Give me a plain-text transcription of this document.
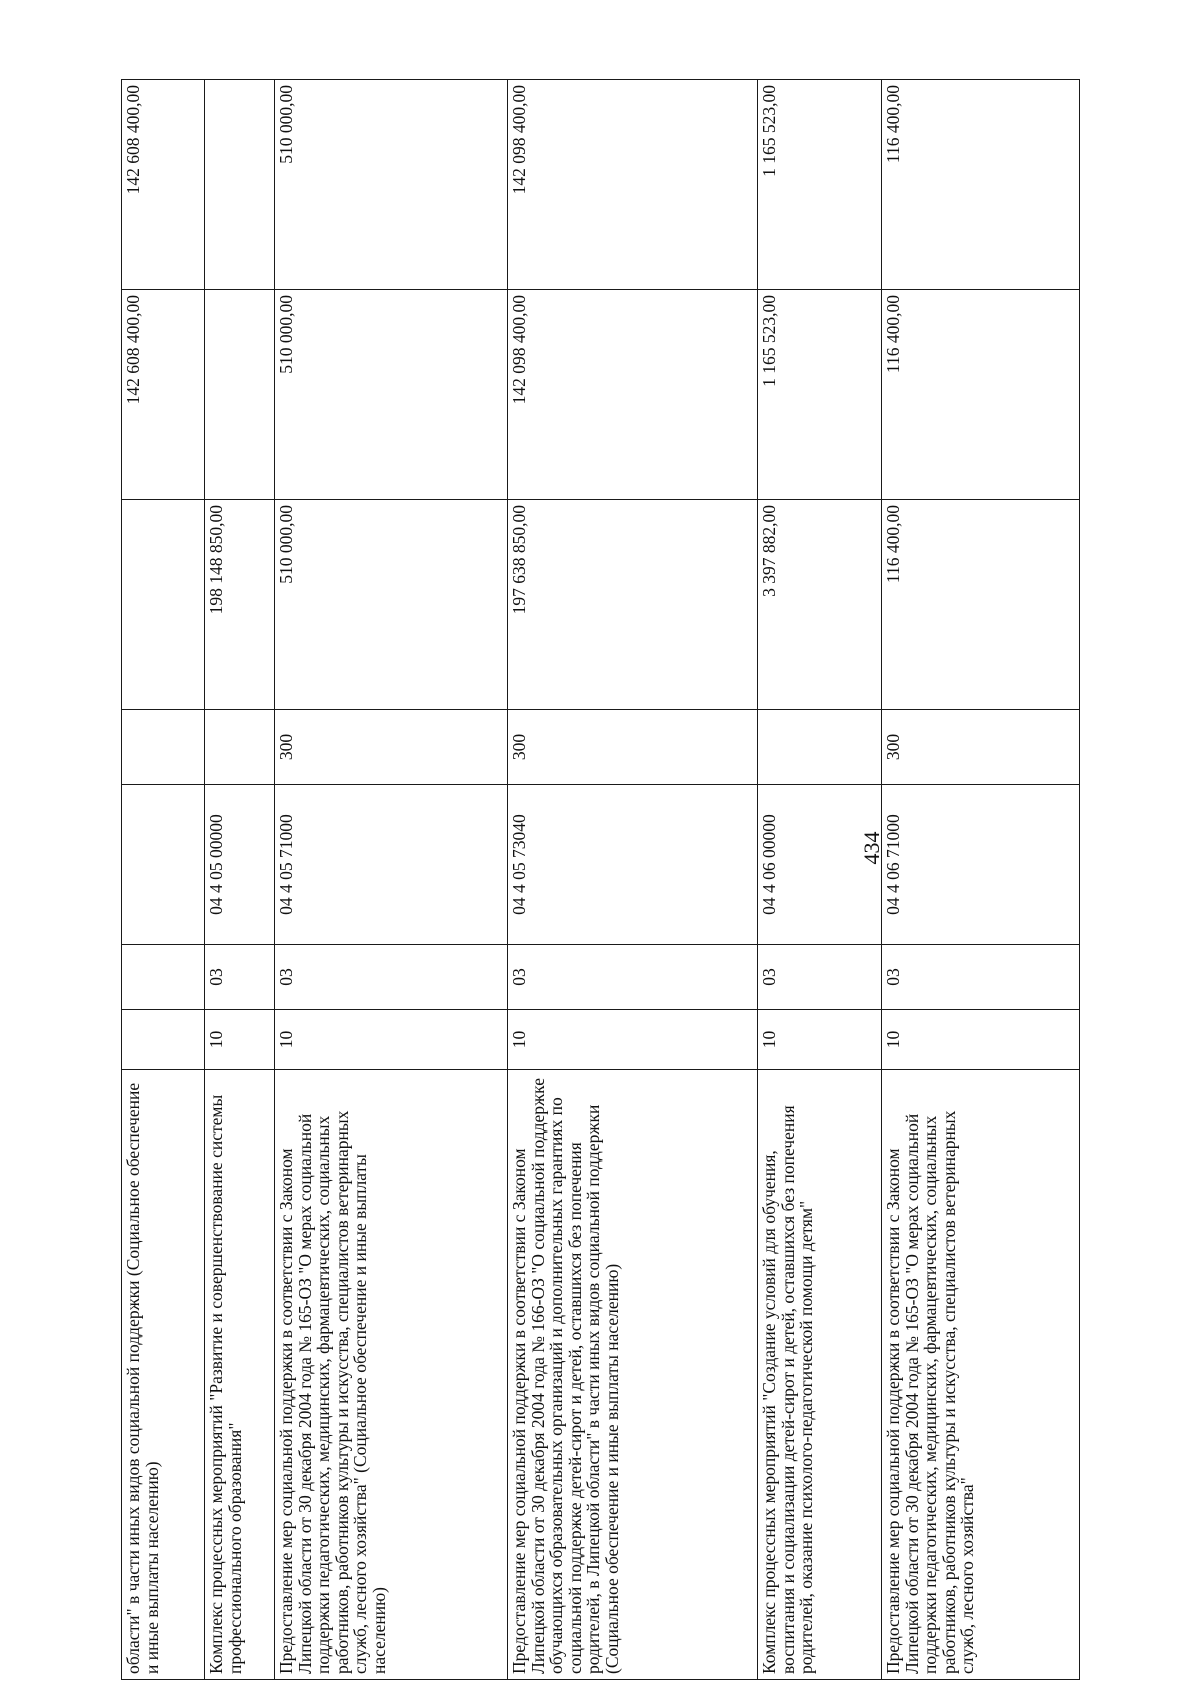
434
области" в части иных видов социальной поддержки (Социальное обеспечение и иные выплаты населению)						142 608 400,00	142 608 400,00
Комплекс процессных мероприятий "Развитие и совершенствование системы профессионального образования"	10	03	04 4 05 00000		198 148 850,00		
Предоставление мер социальной поддержки в соответствии с Законом Липецкой области от 30 декабря 2004 года № 165-ОЗ "О мерах социальной поддержки педагогических, медицинских, фармацевтических, социальных работников, работников культуры и искусства, специалистов ветеринарных служб, лесного хозяйства" (Социальное обеспечение и иные выплаты населению)	10	03	04 4 05 71000	300	510 000,00	510 000,00	510 000,00
Предоставление мер социальной поддержки в соответствии с Законом Липецкой области от 30 декабря 2004 года № 166-ОЗ "О социальной поддержке обучающихся образовательных организаций и дополнительных гарантиях по социальной поддержке детей-сирот и детей, оставшихся без попечения родителей, в Липецкой области" в части иных видов социальной поддержки (Социальное обеспечение и иные выплаты населению)	10	03	04 4 05 73040	300	197 638 850,00	142 098 400,00	142 098 400,00
Комплекс процессных мероприятий "Создание условий для обучения, воспитания и социализации детей-сирот и детей, оставшихся без попечения родителей, оказание психолого-педагогической помощи детям"	10	03	04 4 06 00000		3 397 882,00	1 165 523,00	1 165 523,00
Предоставление мер социальной поддержки в соответствии с Законом Липецкой области от 30 декабря 2004 года № 165-ОЗ "О мерах социальной поддержки педагогических, медицинских, фармацевтических, социальных работников, работников культуры и искусства, специалистов ветеринарных служб, лесного хозяйства"	10	03	04 4 06 71000	300	116 400,00	116 400,00	116 400,00
